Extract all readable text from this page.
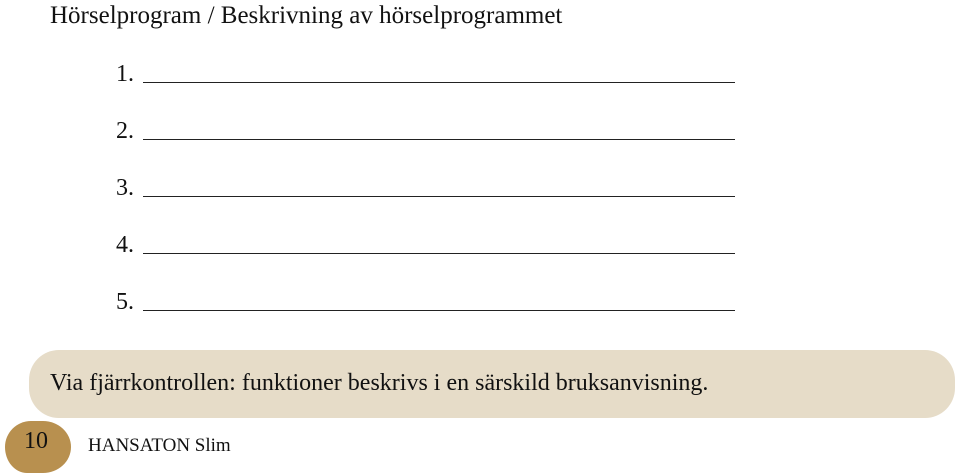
Hörselprogram / Beskrivning av hörselprogrammet
1.
2.
3.
4.
5.
Via fjärrkontrollen: funktioner beskrivs i en särskild bruksanvisning.
10 HANSATON Slim
